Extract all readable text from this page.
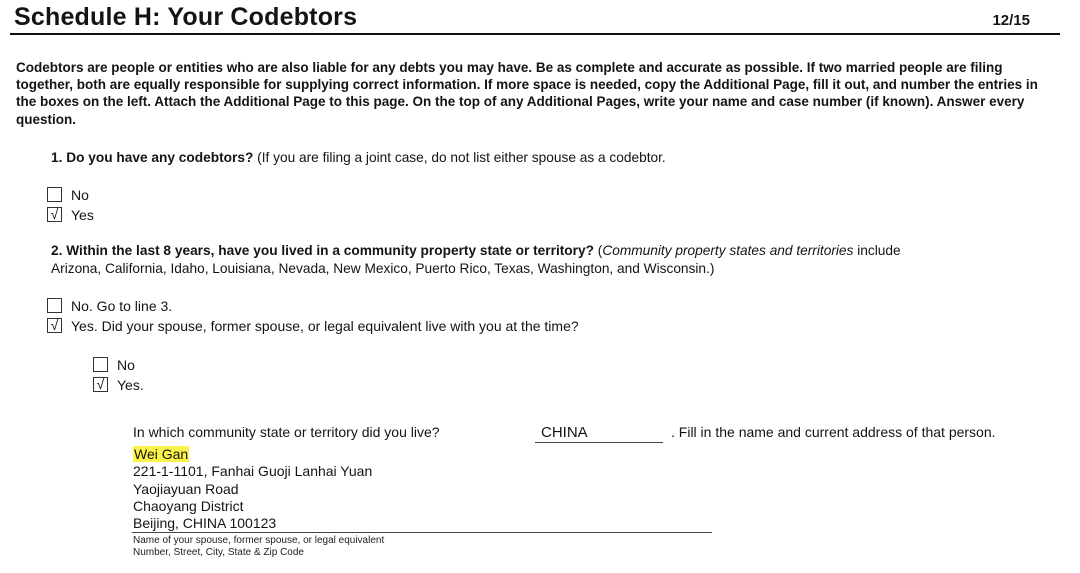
Schedule H: Your Codebtors	12/15
Codebtors are people or entities who are also liable for any debts you may have. Be as complete and accurate as possible. If two married people are filing together, both are equally responsible for supplying correct information. If more space is needed, copy the Additional Page, fill it out, and number the entries in the boxes on the left. Attach the Additional Page to this page. On the top of any Additional Pages, write your name and case number (if known). Answer every question.
1. Do you have any codebtors? (If you are filing a joint case, do not list either spouse as a codebtor.
No
√ Yes
2. Within the last 8 years, have you lived in a community property state or territory? (Community property states and territories include
Arizona, California, Idaho, Louisiana, Nevada, New Mexico, Puerto Rico, Texas, Washington, and Wisconsin.)
No. Go to line 3.
√ Yes. Did your spouse, former spouse, or legal equivalent live with you at the time?
No
√ Yes.
In which community state or territory did you live?	CHINA	. Fill in the name and current address of that person.
Wei Gan
221-1-1101, Fanhai Guoji Lanhai Yuan
Yaojiayuan Road
Chaoyang District
Beijing, CHINA 100123
Name of your spouse, former spouse, or legal equivalent
Number, Street, City, State & Zip Code
